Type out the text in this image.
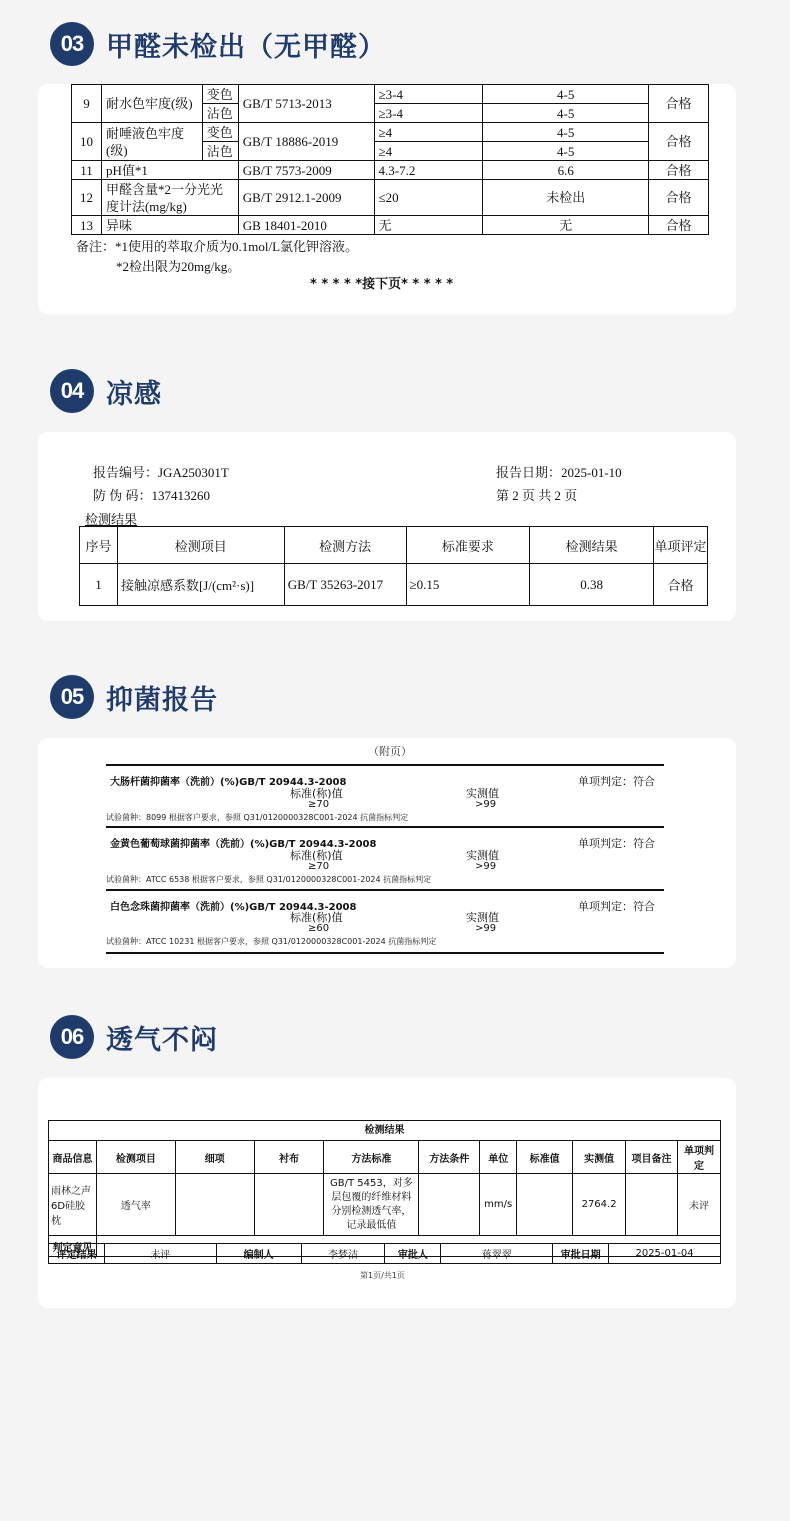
03 甲醛未检出（无甲醛）
9	耐水色牢度(级)	变色	GB/T 5713-2013	≥3-4	4-5	合格
		沾色		≥3-4	4-5	
10	耐唾液色牢度(级)	变色	GB/T 18886-2019	≥4	4-5	合格
		沾色		≥4	4-5	
11	pH值*1		GB/T 7573-2009	4.3-7.2	6.6	合格
12	甲醛含量*2一分光光度计法(mg/kg)		GB/T 2912.1-2009	≤20	未检出	合格
13	异味		GB 18401-2010	无	无	合格
备注：*1使用的萃取介质为0.1mol/L氯化钾溶液。
*2检出限为20mg/kg。
* * * * *接下页* * * * *
04 凉感
报告编号：JGA250301T
防 伪 码：137413260
报告日期：2025-01-10
第 2 页 共 2 页
检测结果
序号	检测项目	检测方法	标准要求	检测结果	单项评定
1	接触凉感系数[J/(cm²·s)]	GB/T 35263-2017	≥0.15	0.38	合格
05 抑菌报告
（附页）
大肠杆菌抑菌率（洗前）(%)GB/T 20944.3-2008	单项判定：符合
标准(称)值	实测值
≥70	>99
试验菌种：8099 根据客户要求，参照 Q31/0120000328C001-2024 抗菌指标判定
金黄色葡萄球菌抑菌率（洗前）(%)GB/T 20944.3-2008	单项判定：符合
标准(称)值	实测值
≥70	>99
试验菌种：ATCC 6538 根据客户要求，参照 Q31/0120000328C001-2024 抗菌指标判定
白色念珠菌抑菌率（洗前）(%)GB/T 20944.3-2008	单项判定：符合
标准(称)值	实测值
≥60	>99
试验菌种：ATCC 10231 根据客户要求，参照 Q31/0120000328C001-2024 抗菌指标判定
06 透气不闷
检测结果
商品信息	检测项目	细项	衬布	方法标准	方法条件	单位	标准值	实测值	项目备注	单项判定
雨林之声6D硅胶枕	透气率			GB/T 5453，对多层包覆的纤维材料分别检测透气率，记录最低值		mm/s		2764.2		未评
判定意见										
评定结果	未评	编制人	李梦洁	审批人	蒋翠翠	审批日期	2025-01-04
第1页/共1页
